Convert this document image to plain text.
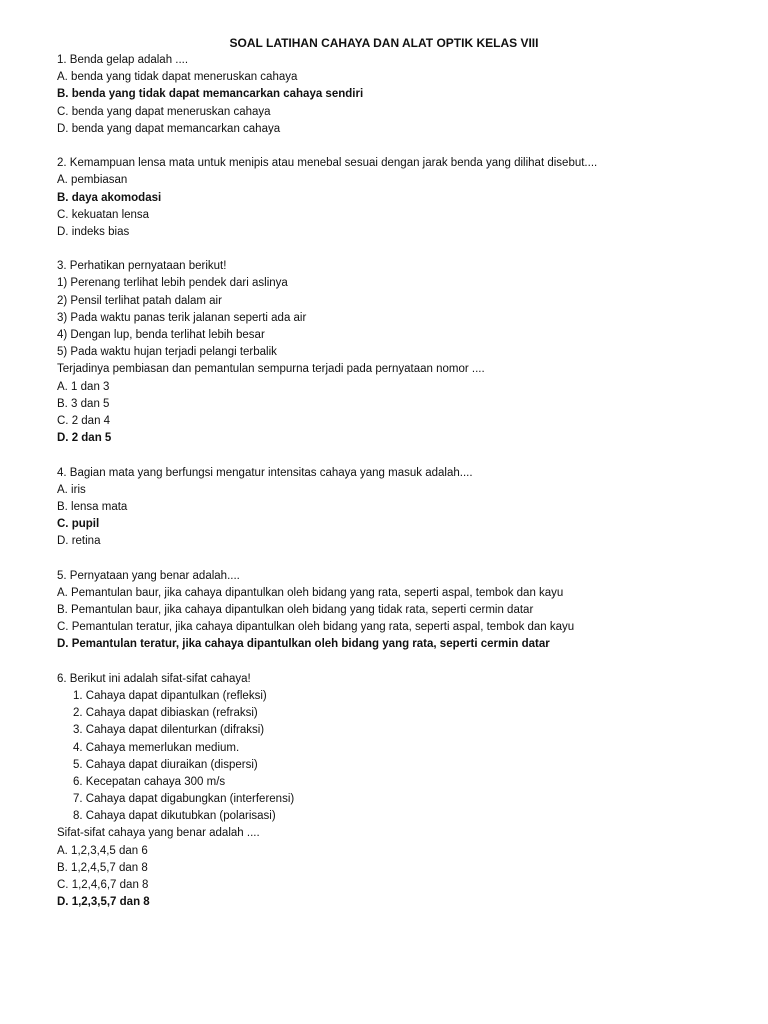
SOAL LATIHAN CAHAYA DAN ALAT OPTIK KELAS VIII
1. Benda gelap adalah ....
A. benda yang tidak dapat meneruskan cahaya
B. benda yang tidak dapat memancarkan cahaya sendiri
C. benda yang dapat meneruskan cahaya
D. benda yang dapat memancarkan cahaya
2. Kemampuan lensa mata untuk menipis atau menebal sesuai dengan jarak benda yang dilihat disebut....
A. pembiasan
B. daya akomodasi
C. kekuatan lensa
D. indeks bias
3. Perhatikan pernyataan berikut!
1) Perenang terlihat lebih pendek dari aslinya
2) Pensil terlihat patah dalam air
3) Pada waktu panas terik jalanan seperti ada air
4) Dengan lup, benda terlihat lebih besar
5) Pada waktu hujan terjadi pelangi terbalik
Terjadinya pembiasan dan pemantulan sempurna terjadi pada pernyataan nomor ....
A. 1 dan 3
B. 3 dan 5
C. 2 dan 4
D. 2 dan 5
4. Bagian mata yang berfungsi mengatur intensitas cahaya yang masuk adalah....
A. iris
B. lensa mata
C. pupil
D. retina
5. Pernyataan yang benar adalah....
A. Pemantulan baur, jika cahaya dipantulkan oleh bidang yang rata, seperti aspal, tembok dan kayu
B. Pemantulan baur, jika cahaya dipantulkan oleh bidang yang tidak rata, seperti cermin datar
C. Pemantulan teratur, jika cahaya dipantulkan oleh bidang yang rata, seperti aspal, tembok dan kayu
D. Pemantulan teratur, jika cahaya dipantulkan oleh bidang yang rata, seperti cermin datar
6. Berikut ini adalah sifat-sifat cahaya!
1. Cahaya dapat dipantulkan (refleksi)
2. Cahaya dapat dibiaskan (refraksi)
3. Cahaya dapat dilenturkan (difraksi)
4. Cahaya memerlukan medium.
5. Cahaya dapat diuraikan (dispersi)
6. Kecepatan cahaya 300 m/s
7. Cahaya dapat digabungkan (interferensi)
8. Cahaya dapat dikutubkan (polarisasi)
Sifat-sifat cahaya yang benar adalah ....
A. 1,2,3,4,5 dan 6
B. 1,2,4,5,7 dan 8
C. 1,2,4,6,7 dan 8
D. 1,2,3,5,7 dan 8
